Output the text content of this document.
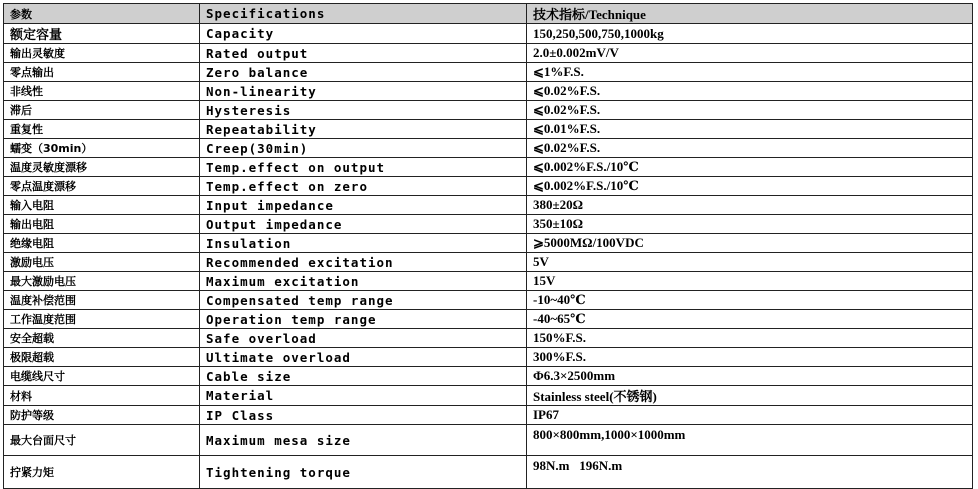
参数	Specifications	技术指标/Technique
额定容量	Capacity	150,250,500,750,1000kg
输出灵敏度	Rated output	2.0±0.002mV/V
零点输出	Zero balance	⩽1%F.S.
非线性	Non-linearity	⩽0.02%F.S.
滞后	Hysteresis	⩽0.02%F.S.
重复性	Repeatability	⩽0.01%F.S.
蠕变（30min）	Creep(30min)	⩽0.02%F.S.
温度灵敏度漂移	Temp.effect on output	⩽0.002%F.S./10℃
零点温度漂移	Temp.effect on zero	⩽0.002%F.S./10℃
输入电阻	Input impedance	380±20Ω
输出电阻	Output impedance	350±10Ω
绝缘电阻	Insulation	⩾5000MΩ/100VDC
激励电压	Recommended excitation	5V
最大激励电压	Maximum excitation	15V
温度补偿范围	Compensated temp range	-10~40℃
工作温度范围	Operation temp range	-40~65℃
安全超载	Safe overload	150%F.S.
极限超载	Ultimate overload	300%F.S.
电缆线尺寸	Cable size	Φ6.3×2500mm
材料	Material	Stainless steel(不锈钢)
防护等级	IP Class	IP67
最大台面尺寸	Maximum mesa size	800×800mm,1000×1000mm
拧紧力矩	Tightening torque	98N.m   196N.m
